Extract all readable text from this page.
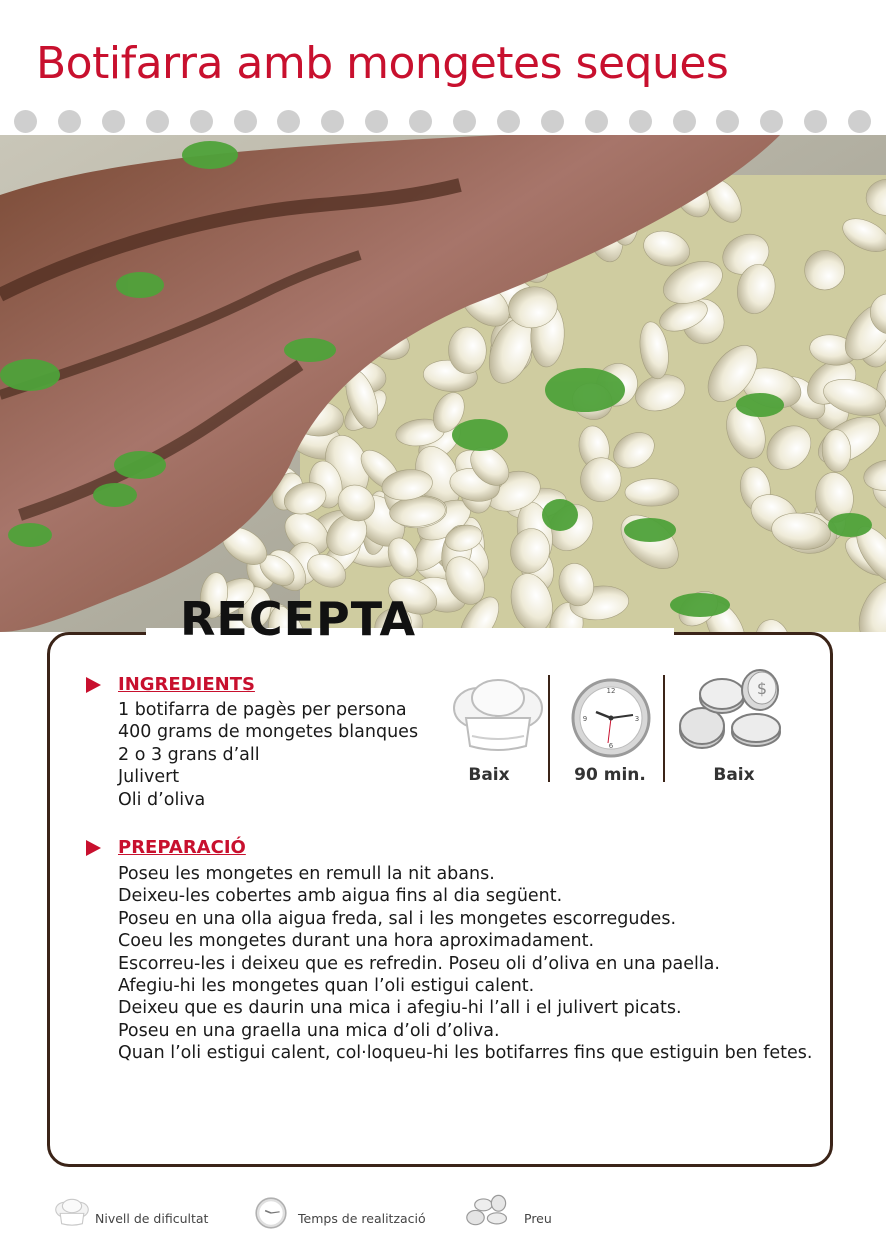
Botifarra amb mongetes seques
RECEPTA
INGREDIENTS
1 botifarra de pagès per persona
400 grams de mongetes blanques
2 o 3 grans d’all
Julivert
Oli d’oliva
Baix
12
3
6
9
90 min.
$
Baix
PREPARACIÓ
Poseu les mongetes en remull la nit abans.
Deixeu-les cobertes amb aigua fins al dia següent.
Poseu en una olla aigua freda, sal i les mongetes escorregudes.
Coeu les mongetes durant una hora aproximadament.
Escorreu-les i deixeu que es refredin. Poseu oli d’oliva en una paella.
Afegiu-hi les mongetes quan l’oli estigui calent.
Deixeu que es daurin una mica i afegiu-hi l’all i el julivert picats.
Poseu en una graella una mica d’oli d’oliva.
Quan l’oli estigui calent, col·loqueu-hi les botifarres fins que estiguin ben fetes.
Nivell de dificultat	Temps de realització	Preu
